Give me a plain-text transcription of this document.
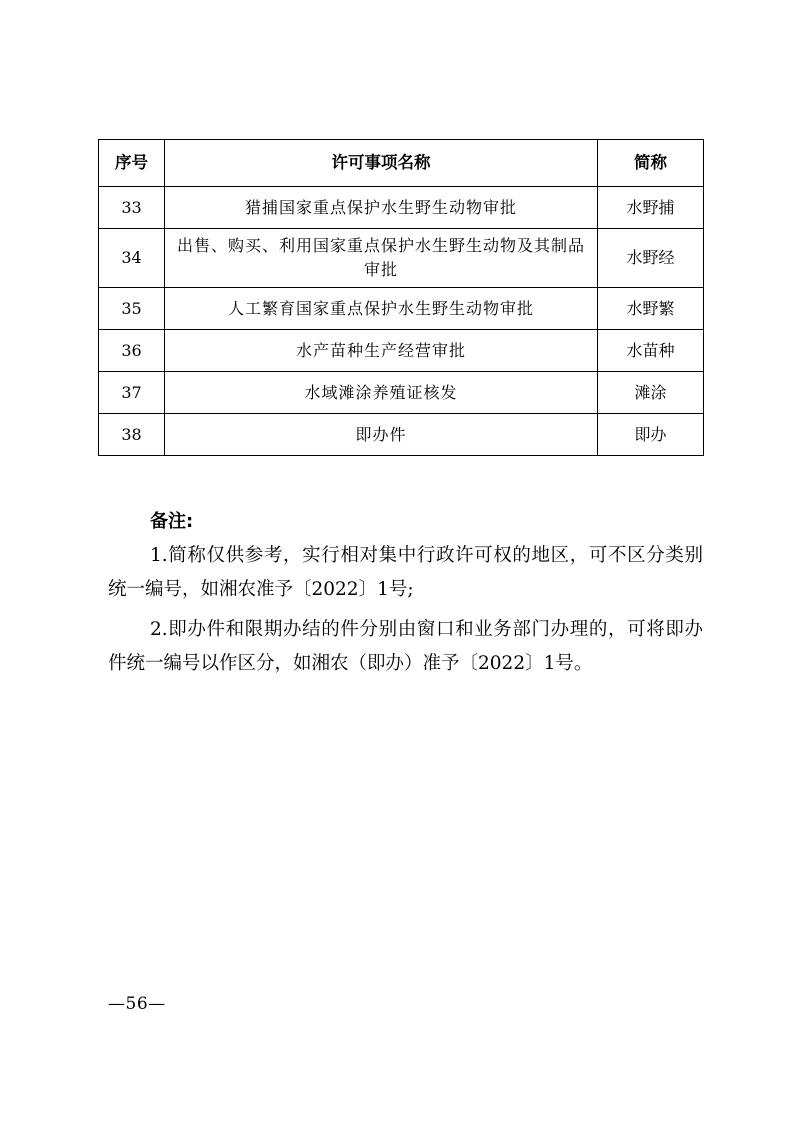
序号	许可事项名称	简称
33	猎捕国家重点保护水生野生动物审批	水野捕
34	出售、购买、利用国家重点保护水生野生动物及其制品审批	水野经
35	人工繁育国家重点保护水生野生动物审批	水野繁
36	水产苗种生产经营审批	水苗种
37	水域滩涂养殖证核发	滩涂
38	即办件	即办
备注:

1.简称仅供参考，实行相对集中行政许可权的地区，可不区分类别统一编号，如湘农准予〔2022〕1号;

2.即办件和限期办结的件分别由窗口和业务部门办理的，可将即办件统一编号以作区分，如湘农（即办）准予〔2022〕1号。

—56—
